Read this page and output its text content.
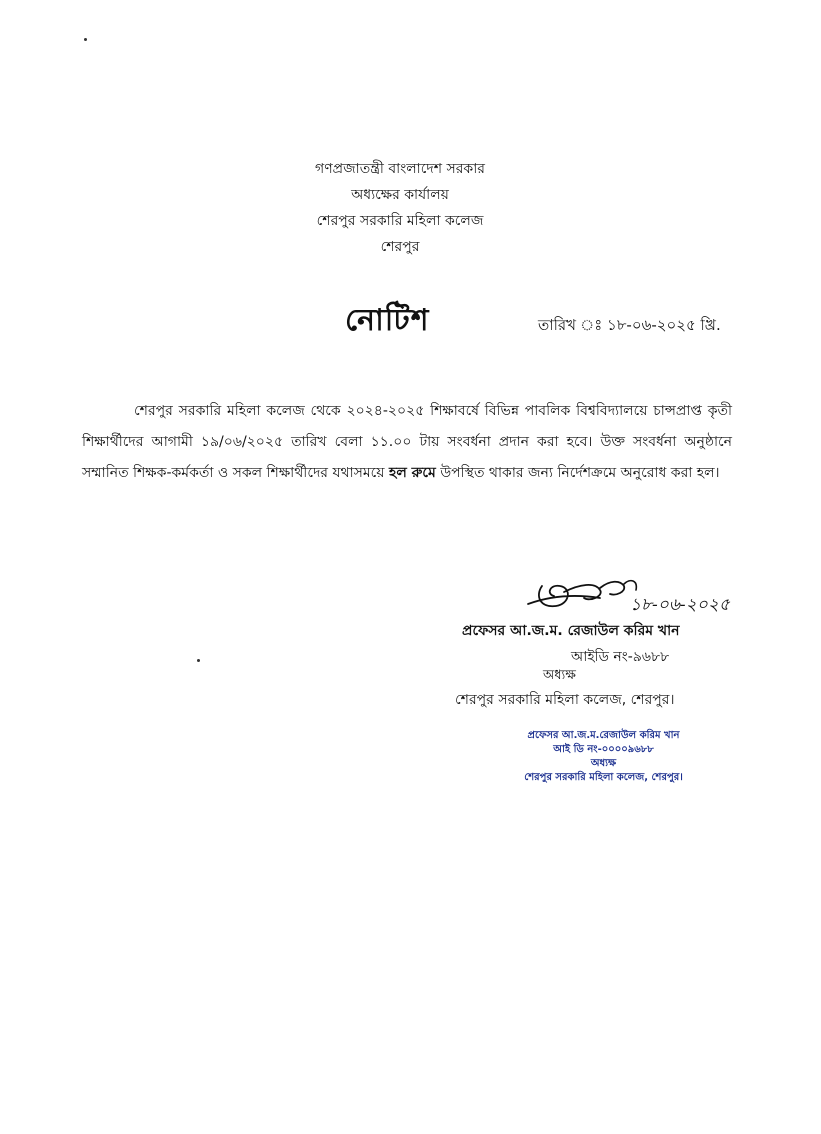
গণপ্রজাতন্ত্রী বাংলাদেশ সরকার
অধ্যক্ষের কার্যালয়
শেরপুর সরকারি মহিলা কলেজ
শেরপুর
নোটিশ	তারিখ ঃ ১৮-০৬-২০২৫ খ্রি.
শেরপুর সরকারি মহিলা কলেজ থেকে ২০২৪-২০২৫ শিক্ষাবর্ষে বিভিন্ন পাবলিক বিশ্ববিদ্যালয়ে চান্সপ্রাপ্ত কৃতী শিক্ষার্থীদের আগামী ১৯/০৬/২০২৫ তারিখ বেলা ১১.০০ টায় সংবর্ধনা প্রদান করা হবে। উক্ত সংবর্ধনা অনুষ্ঠানে সম্মানিত শিক্ষক-কর্মকর্তা ও সকল শিক্ষার্থীদের যথাসময়ে হল রুমে উপস্থিত থাকার জন্য নির্দেশক্রমে অনুরোধ করা হল।
১৮-০৬-২০২৫
প্রফেসর আ.জ.ম. রেজাউল করিম খান
আইডি নং-৯৬৮৮
অধ্যক্ষ
শেরপুর সরকারি মহিলা কলেজ, শেরপুর।
প্রফেসর আ.জ.ম.রেজাউল করিম খান
আই ডি নং-০০০০৯৬৮৮
অধ্যক্ষ
শেরপুর সরকারি মহিলা কলেজ, শেরপুর।
